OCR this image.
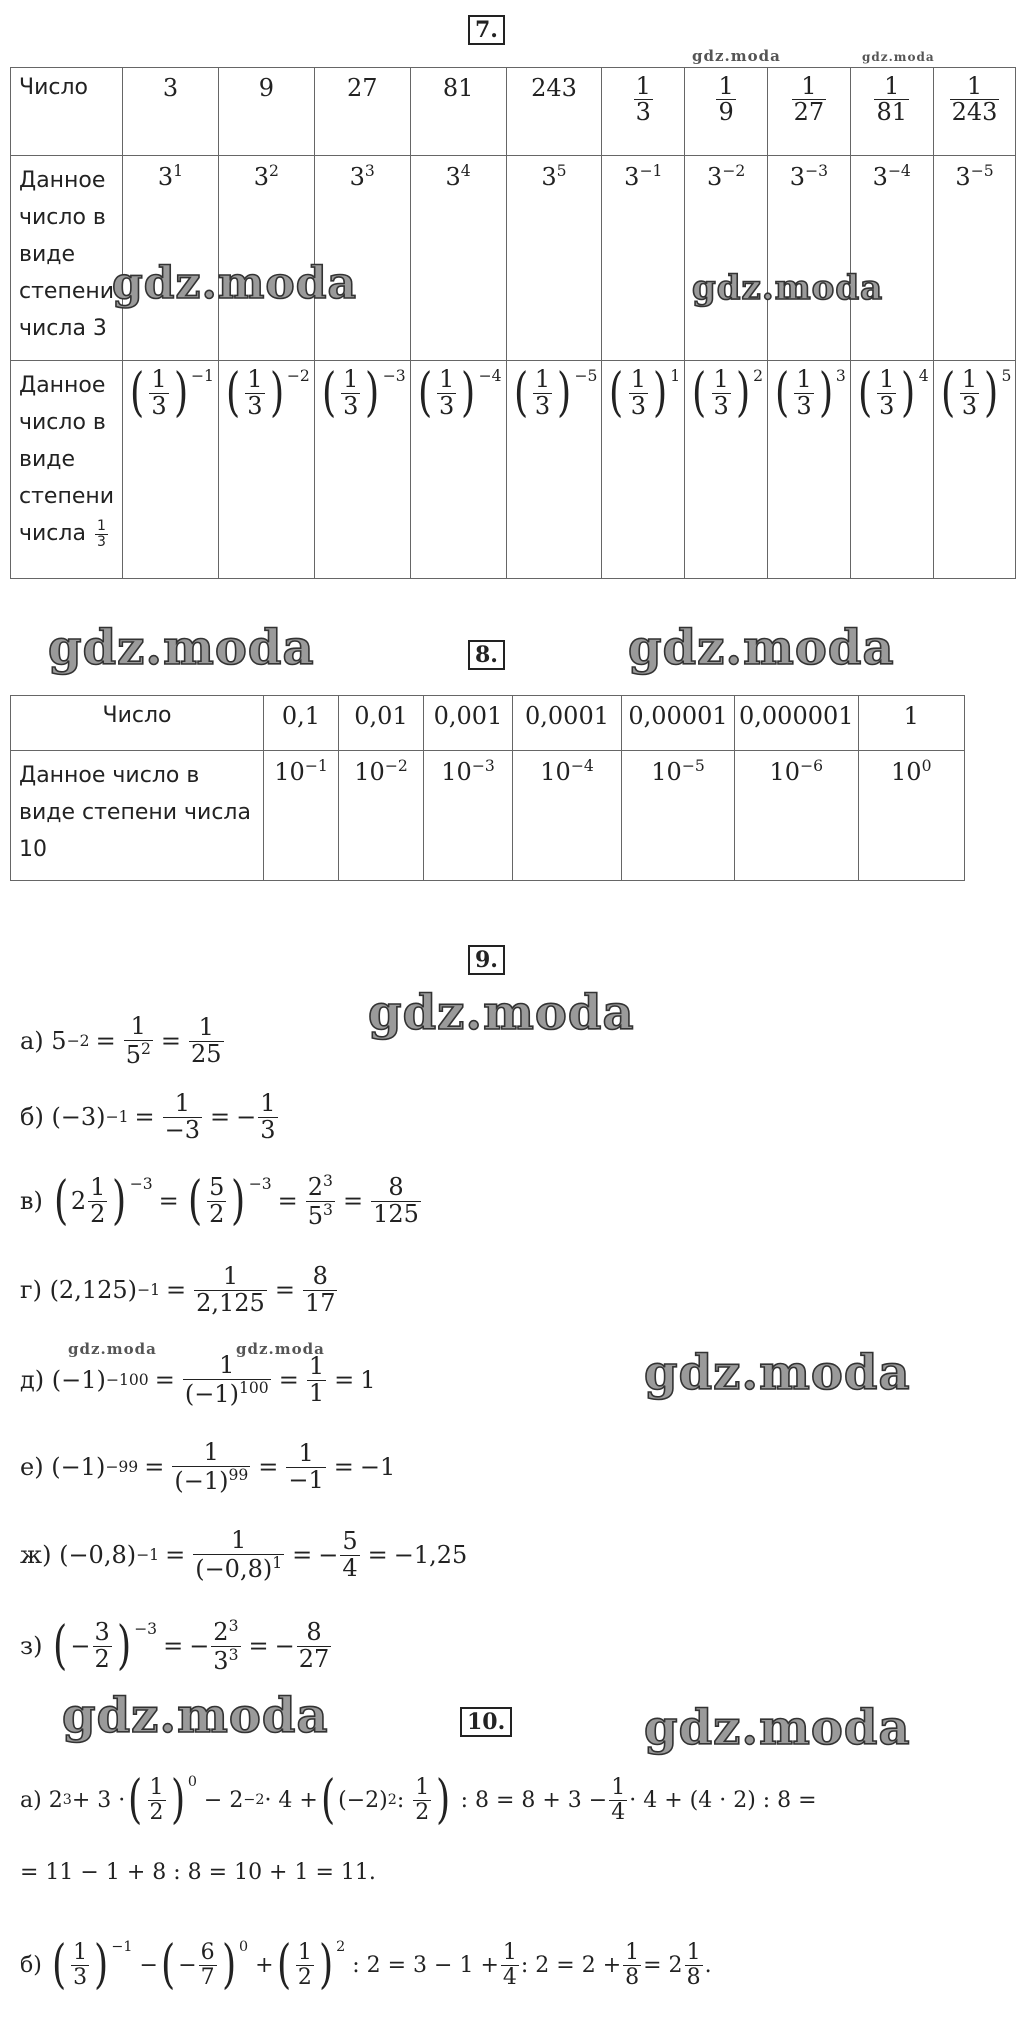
7.
Число	3	9	27	81	243	$\frac{1}{3}$	$\frac{1}{9}$	$\frac{1}{27}$	$\frac{1}{81}$	$\frac{1}{243}$

Данное число в виде степени числа 3	$3^1$	$3^2$	$3^3$	$3^4$	$3^5$	$3^{-1}$	$3^{-2}$	$3^{-3}$	$3^{-4}$	$3^{-5}$
Данное число в виде степени числа $\frac{1}{3}$	( $\frac{1}{3} )^{-1}$	( $\frac{1}{3} )^{-2}$	( $\frac{1}{3} )^{-3}$	( $\frac{1}{3} )^{-4}$	( $\frac{1}{3} )^{-5}$	( $\frac{1}{3} )^1$	( $\frac{1}{3} )^2$	( $\frac{1}{3} )^3$	( $\frac{1}{3} )^4$	( $\frac{1}{3} )^5$
gdz.moda	gdz.moda
gdz.moda	gdz.moda
gdz.moda	8.	gdz.moda
Число	0,1	0,01	0,001	0,0001	0,00001	0,000001	1
Данное число в виде степени числа 10	$10^{-1}$	$10^{-2}$	$10^{-3}$	$10^{-4}$	$10^{-5}$	$10^{-6}$	$10^0$
9.
gdz.moda
а) $5 -2 = \frac{1}{5^2} = \frac{1}{25}$
б) $(-3) -1 = \frac{1}{-3}$ = − $\frac{1}{3}$
в)
( $2 \frac{1}{2} )^{-3}$
= ( $\frac{5}{2} )^{-3}$
= $\frac{2^3}{5^3} = \frac{8}{125}$
г) $(2,125) -1 = \frac{1}{2,125} = \frac{8}{17}$
gdz.moda	gdz.moda
д) $(-1) -100 = \frac{1}{(-1)^{100}} = \frac{1}{1} = 1$	gdz.moda
е) $(-1) -99 = \frac{1}{(-1)^{99}} = \frac{1}{-1} = -1$
ж) $(-0,8) -1 = \frac{1}{(-0,8)^1}$ = − $\frac{5}{4} = -1,25$
з)
( − $\frac{3}{2} )^{-3}$
= − $\frac{2^3}{3^3}$ = − $\frac{8}{27}$
gdz.moda	10.	gdz.moda
а) 2 3 + 3 · ( $\frac{1}{2} )^0$
− 2 −2 · 4 + ( (−2) 2 : $\frac{1}{2}$ ) : $8 = 8 + 3 - \frac{1}{4} \cdot 4 + (4 \cdot 2)$ : 8 =
= 11 − 1 + 8 : 8 = 10 + 1 = 11.
б)
( $\frac{1}{3} )^{-1}$
− ( − $\frac{6}{7} )^0$
+ ( $\frac{1}{2} )^2$
: $2 = 3 - 1 + \frac{1}{4}$ : $2 = 2 + \frac{1}{8} = 2 \frac{1}{8}$ .
